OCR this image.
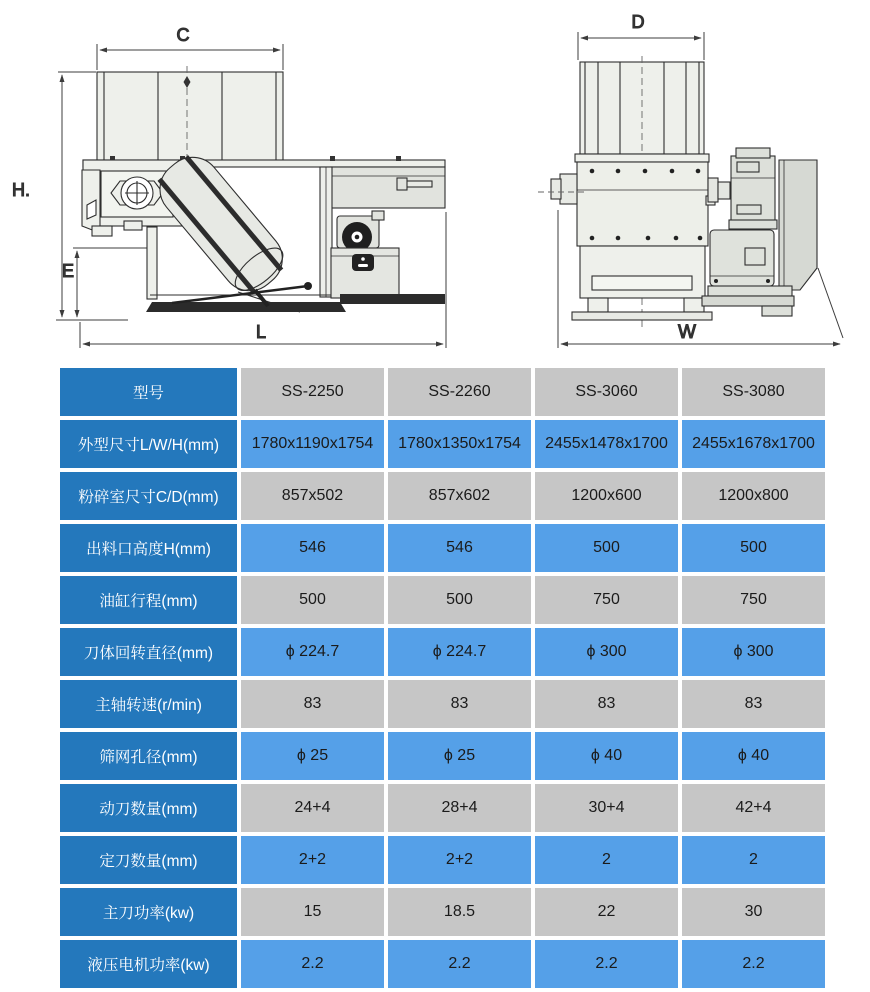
C
H.
E
L
D
W
型号	SS-2250	SS-2260	SS-3060	SS-3080
外型尺寸L/W/H(mm)	1780x1190x1754	1780x1350x1754	2455x1478x1700	2455x1678x1700
粉碎室尺寸C/D(mm)	857x502	857x602	1200x600	1200x800
出料口高度H(mm)	546	546	500	500
油缸行程(mm)	500	500	750	750
刀体回转直径(mm)	ϕ 224.7	ϕ 224.7	ϕ 300	ϕ 300
主轴转速(r/min)	83	83	83	83
筛网孔径(mm)	ϕ 25	ϕ 25	ϕ 40	ϕ 40
动刀数量(mm)	24+4	28+4	30+4	42+4
定刀数量(mm)	2+2	2+2	2	2
主刀功率(kw)	15	18.5	22	30
液压电机功率(kw)	2.2	2.2	2.2	2.2
